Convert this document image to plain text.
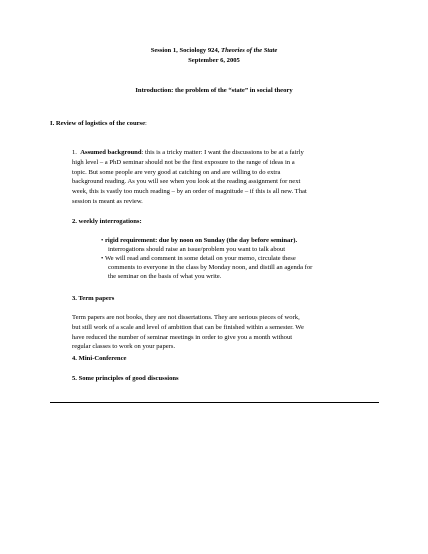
Session 1, Sociology 924, Theories of the State
September 6, 2005
Introduction: the problem of the “state” in social theory
I. Review of logistics of the course:
1. Assumed background: this is a tricky matter: I want the discussions to be at a fairly
high level – a PhD seminar should not be the first exposure to the range of ideas in a
topic. But some people are very good at catching on and are willing to do extra
background reading. As you will see when you look at the reading assignment for next
week, this is vastly too much reading – by an order of magnitude – if this is all new. That
session is meant as review.
2. weekly interrogations:
• rigid requirement: due by noon on Sunday (the day before seminar).
interrogations should raise an issue/problem you want to talk about
• We will read and comment in some detail on your memo, circulate these
comments to everyone in the class by Monday noon, and distill an agenda for
the seminar on the basis of what you write.
3. Term papers
Term papers are not books, they are not dissertations. They are serious pieces of work,
but still work of a scale and level of ambition that can be finished within a semester. We
have reduced the number of seminar meetings in order to give you a month without
regular classes to work on your papers.
4. Mini-Conference
5. Some principles of good discussions
